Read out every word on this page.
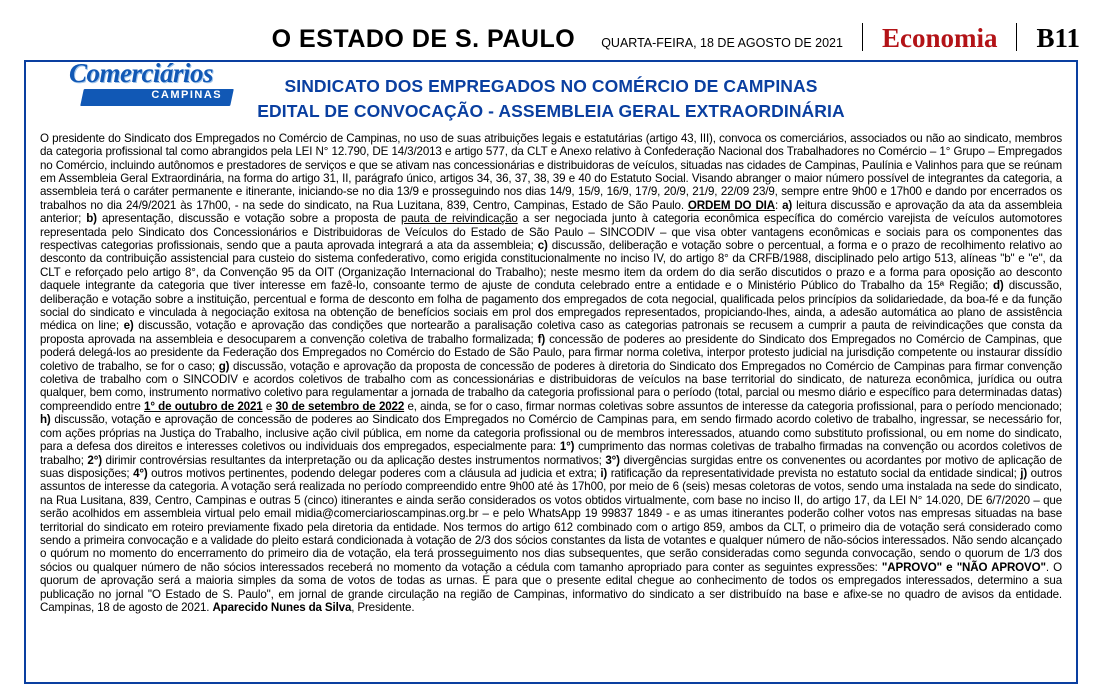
O ESTADO DE S. PAULO	QUARTA-FEIRA, 18 DE AGOSTO DE 2021 Economia B11
SINDICATO DOS EMPREGADOS NO COMÉRCIO DE CAMPINAS
EDITAL DE CONVOCAÇÃO - ASSEMBLEIA GERAL EXTRAORDINÁRIA
O presidente do Sindicato dos Empregados no Comércio de Campinas, no uso de suas atribuições legais e estatutárias (artigo 43, III), convoca os comerciários, associados ou não ao sindicato, membros da categoria profissional tal como abrangidos pela LEI N° 12.790, DE 14/3/2013 e artigo 577, da CLT e Anexo relativo à Confederação Nacional dos Trabalhadores no Comércio – 1° Grupo – Empregados no Comércio, incluindo autônomos e prestadores de serviços e que se ativam nas concessionárias e distribuidoras de veículos, situadas nas cidades de Campinas, Paulínia e Valinhos para que se reúnam em Assembleia Geral Extraordinária, na forma do artigo 31, II, parágrafo único, artigos 34, 36, 37, 38, 39 e 40 do Estatuto Social. Visando abranger o maior número possível de integrantes da categoria, a assembleia terá o caráter permanente e itinerante, iniciando-se no dia 13/9 e prosseguindo nos dias 14/9, 15/9, 16/9, 17/9, 20/9, 21/9, 22/09 23/9, sempre entre 9h00 e 17h00 e dando por encerrados os trabalhos no dia 24/9/2021 às 17h00, - na sede do sindicato, na Rua Luzitana, 839, Centro, Campinas, Estado de São Paulo. ORDEM DO DIA: a) leitura discussão e aprovação da ata da assembleia anterior; b) apresentação, discussão e votação sobre a proposta de pauta de reivindicação a ser negociada junto à categoria econômica específica do comércio varejista de veículos automotores representada pelo Sindicato dos Concessionários e Distribuidoras de Veículos do Estado de São Paulo – SINCODIV – que visa obter vantagens econômicas e sociais para os componentes das respectivas categorias profissionais, sendo que a pauta aprovada integrará a ata da assembleia; c) discussão, deliberação e votação sobre o percentual, a forma e o prazo de recolhimento relativo ao desconto da contribuição assistencial para custeio do sistema confederativo, como erigida constitucionalmente no inciso IV, do artigo 8° da CRFB/1988, disciplinado pelo artigo 513, alíneas "b" e "e", da CLT e reforçado pelo artigo 8°, da Convenção 95 da OIT (Organização Internacional do Trabalho); neste mesmo item da ordem do dia serão discutidos o prazo e a forma para oposição ao desconto daquele integrante da categoria que tiver interesse em fazê-lo, consoante termo de ajuste de conduta celebrado entre a entidade e o Ministério Público do Trabalho da 15ª Região; d) discussão, deliberação e votação sobre a instituição, percentual e forma de desconto em folha de pagamento dos empregados de cota negocial, qualificada pelos princípios da solidariedade, da boa-fé e da função social do sindicato e vinculada à negociação exitosa na obtenção de benefícios sociais em prol dos empregados representados, propiciando-lhes, ainda, a adesão automática ao plano de assistência médica on line; e) discussão, votação e aprovação das condições que nortearão a paralisação coletiva caso as categorias patronais se recusem a cumprir a pauta de reivindicações que consta da proposta aprovada na assembleia e desocuparem a convenção coletiva de trabalho formalizada; f) concessão de poderes ao presidente do Sindicato dos Empregados no Comércio de Campinas, que poderá delegá-los ao presidente da Federação dos Empregados no Comércio do Estado de São Paulo, para firmar norma coletiva, interpor protesto judicial na jurisdição competente ou instaurar dissídio coletivo de trabalho, se for o caso; g) discussão, votação e aprovação da proposta de concessão de poderes à diretoria do Sindicato dos Empregados no Comércio de Campinas para firmar convenção coletiva de trabalho com o SINCODIV e acordos coletivos de trabalho com as concessionárias e distribuidoras de veículos na base territorial do sindicato, de natureza econômica, jurídica ou outra qualquer, bem como, instrumento normativo coletivo para regulamentar a jornada de trabalho da categoria profissional para o período (total, parcial ou mesmo diário e específico para determinadas datas) compreendido entre 1° de outubro de 2021 e 30 de setembro de 2022 e, ainda, se for o caso, firmar normas coletivas sobre assuntos de interesse da categoria profissional, para o período mencionado; h) discussão, votação e aprovação de concessão de poderes ao Sindicato dos Empregados no Comércio de Campinas para, em sendo firmado acordo coletivo de trabalho, ingressar, se necessário for, com ações próprias na Justiça do Trabalho, inclusive ação civil pública, em nome da categoria profissional ou de membros interessados, atuando como substituto profissional, ou em nome do sindicato, para a defesa dos direitos e interesses coletivos ou individuais dos empregados, especialmente para: 1°) cumprimento das normas coletivas de trabalho firmadas na convenção ou acordos coletivos de trabalho; 2°) dirimir controvérsias resultantes da interpretação ou da aplicação destes instrumentos normativos; 3°) divergências surgidas entre os convenentes ou acordantes por motivo de aplicação de suas disposições; 4°) outros motivos pertinentes, podendo delegar poderes com a cláusula ad judicia et extra; i) ratificação da representatividade prevista no estatuto social da entidade sindical; j) outros assuntos de interesse da categoria. A votação será realizada no período compreendido entre 9h00 até às 17h00, por meio de 6 (seis) mesas coletoras de votos, sendo uma instalada na sede do sindicato, na Rua Lusitana, 839, Centro, Campinas e outras 5 (cinco) itinerantes e ainda serão considerados os votos obtidos virtualmente, com base no inciso II, do artigo 17, da LEI N° 14.020, DE 6/7/2020 – que serão acolhidos em assembleia virtual pelo email midia@comerciarioscampinas.org.br – e pelo WhatsApp 19 99837 1849 - e as umas itinerantes poderão colher votos nas empresas situadas na base territorial do sindicato em roteiro previamente fixado pela diretoria da entidade. Nos termos do artigo 612 combinado com o artigo 859, ambos da CLT, o primeiro dia de votação será considerado como sendo a primeira convocação e a validade do pleito estará condicionada à votação de 2/3 dos sócios constantes da lista de votantes e qualquer número de não-sócios interessados. Não sendo alcançado o quórum no momento do encerramento do primeiro dia de votação, ela terá prosseguimento nos dias subsequentes, que serão consideradas como segunda convocação, sendo o quorum de 1/3 dos sócios ou qualquer número de não sócios interessados receberá no momento da votação a cédula com tamanho apropriado para conter as seguintes expressões: "APROVO" e "NÃO APROVO". O quorum de aprovação será a maioria simples da soma de votos de todas as urnas. E para que o presente edital chegue ao conhecimento de todos os empregados interessados, determino a sua publicação no jornal "O Estado de S. Paulo", em jornal de grande circulação na região de Campinas, informativo do sindicato a ser distribuído na base e afixe-se no quadro de avisos da entidade. Campinas, 18 de agosto de 2021. Aparecido Nunes da Silva, Presidente.
Comerciários
CAMPINAS
